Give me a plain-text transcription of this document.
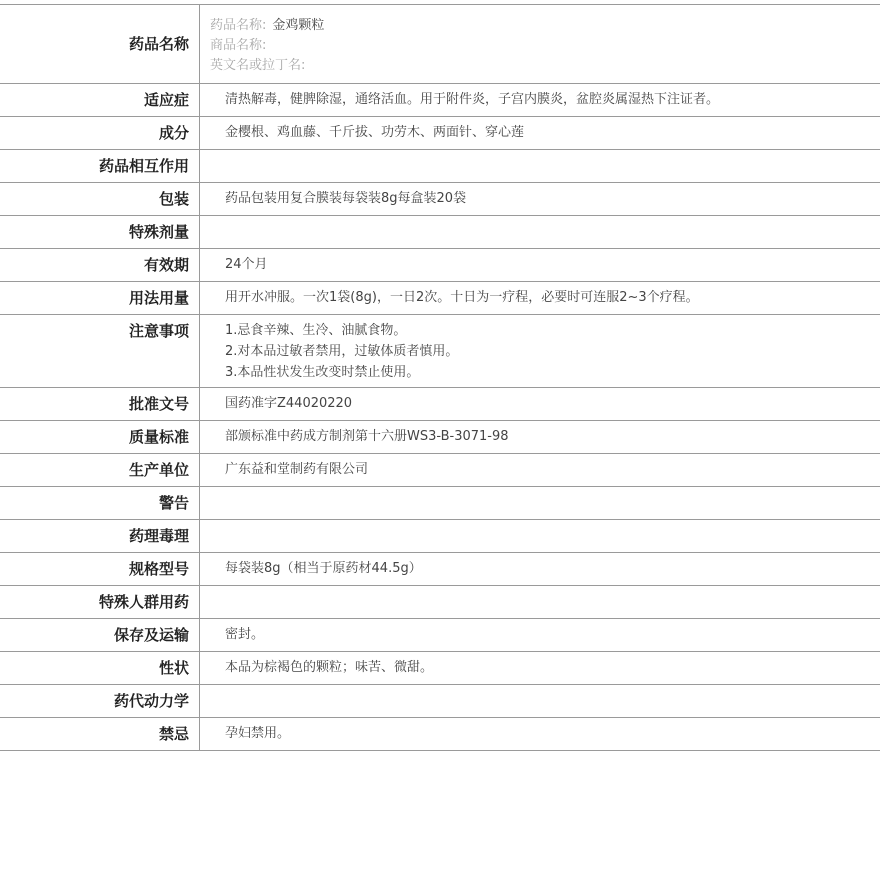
药品名称
药品名称: 金鸡颗粒
商品名称:
英文名或拉丁名:
适应症	清热解毒，健脾除湿，通络活血。用于附件炎，子宫内膜炎，盆腔炎属湿热下注证者。
成分	金樱根、鸡血藤、千斤拔、功劳木、两面针、穿心莲
药品相互作用
包装	药品包装用复合膜装每袋装8g每盒装20袋
特殊剂量
有效期	24个月
用法用量	用开水冲服。一次1袋(8g)，一日2次。十日为一疗程，必要时可连服2~3个疗程。
注意事项	1.忌食辛辣、生冷、油腻食物。
2.对本品过敏者禁用，过敏体质者慎用。
3.本品性状发生改变时禁止使用。
批准文号	国药准字Z44020220
质量标准	部颁标准中药成方制剂第十六册WS3-B-3071-98
生产单位	广东益和堂制药有限公司
警告
药理毒理
规格型号	每袋装8g（相当于原药材44.5g）
特殊人群用药
保存及运输	密封。
性状	本品为棕褐色的颗粒；味苦、微甜。
药代动力学
禁忌	孕妇禁用。
